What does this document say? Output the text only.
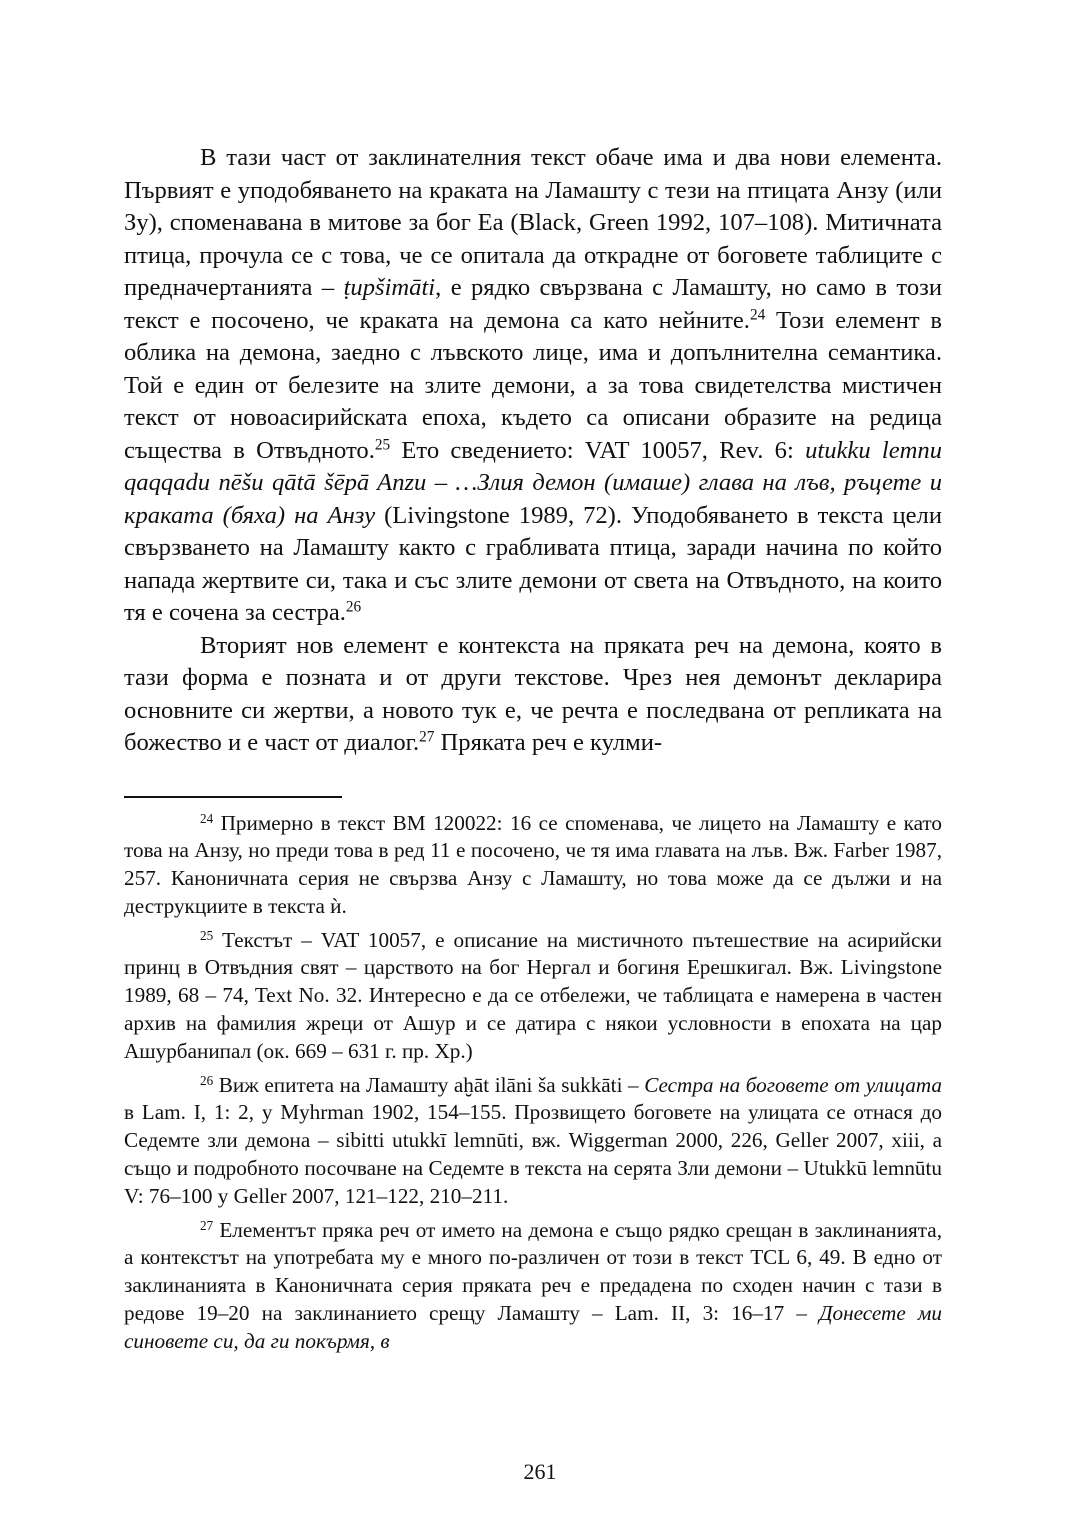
В тази част от заклинателния текст обаче има и два нови елемента. Първият е уподобяването на краката на Ламашту с тези на птицата Анзу (или Зу), споменавана в митове за бог Еа (Black, Green 1992, 107–108). Митичната птица, прочула се с това, че се опитала да открадне от боговете таблиците с предначертанията – ṭupšimāti, е рядко свързвана с Ламашту, но само в този текст е посочено, че краката на демона са като нейните.$^{24}$ Този елемент в облика на демона, заедно с лъвското лице, има и допълнителна семантика. Той е един от белезите на злите демони, а за това свидетелства мистичен текст от новоасирийската епоха, където са описани образите на редица същества в Отвъдното.$^{25}$ Ето сведението: VAT 10057, Rev. 6: utukku lemnu qaqqadu nēšu qātā šēpā Anzu – …Злия демон (имаше) глава на лъв, ръцете и краката (бяха) на Анзу (Livingstone 1989, 72). Уподобяването в текста цели свързването на Ламашту както с грабливата птица, заради начина по който напада жертвите си, така и със злите демони от света на Отвъдното, на които тя е сочена за сестра.$^{26}$

Вторият нов елемент е контекста на пряката реч на демона, която в тази форма е позната и от други текстове. Чрез нея демонът декларира основните си жертви, а новото тук е, че речта е последвана от репликата на божество и е част от диалог.$^{27}$ Пряката реч е кулми-

$^{24}$ Примерно в текст BM 120022: 16 се споменава, че лицето на Ламашту е като това на Анзу, но преди това в ред 11 е посочено, че тя има главата на лъв. Вж. Farber 1987, 257. Каноничната серия не свързва Анзу с Ламашту, но това може да се дължи и на деструкциите в текста ѝ.

$^{25}$ Текстът – VAT 10057, е описание на мистичното пътешествие на асирийски принц в Отвъдния свят – царството на бог Нергал и богиня Ерешкигал. Вж. Livingstone 1989, 68 – 74, Text No. 32. Интересно е да се отбележи, че таблицата е намерена в частен архив на фамилия жреци от Ашур и се датира с някои условности в епохата на цар Ашурбанипал (ок. 669 – 631 г. пр. Хр.)

$^{26}$ Виж епитета на Ламашту aḫāt ilāni ša sukkāti – Сестра на боговете от улицата в Lam. I, 1: 2, у Myhrman 1902, 154–155. Прозвището боговете на улицата се отнася до Седемте зли демона – sibitti utukkī lemnūti, вж. Wiggerman 2000, 226, Geller 2007, xiii, а също и подробното посочване на Седемте в текста на серята Зли демони – Utukkū lemnūtu V: 76–100 у Geller 2007, 121–122, 210–211.

$^{27}$ Елементът пряка реч от името на демона е също рядко срещан в заклинанията, а контекстът на употребата му е много по-различен от този в текст TCL 6, 49. В едно от заклинанията в Каноничната серия пряката реч е предадена по сходен начин с тази в редове 19–20 на заклинанието срещу Ламашту – Lam. II, 3: 16–17 – Донесете ми синовете си, да ги покърмя, в

261
